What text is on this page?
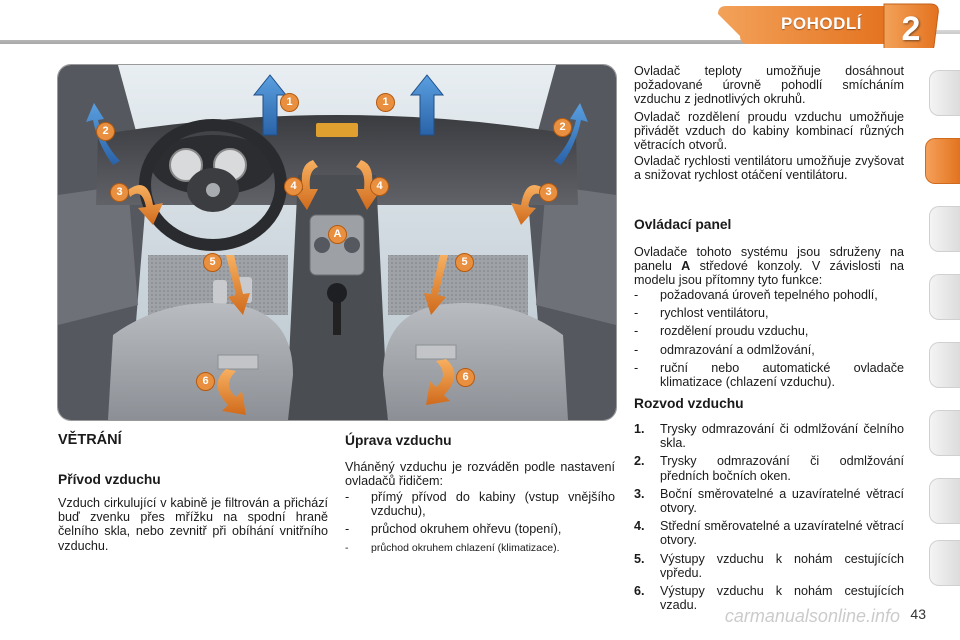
POHODLÍ	2
1	1
2	2
3	3
4	4
A
5	5
6	6
VĚTRÁNÍ
Přívod vzduchu
Vzduch cirkulující v kabině je filtrován a přichází buď zvenku přes mřížku na spodní hraně čelního skla, nebo zevnitř při obíhání vnitřního vzduchu.
Úprava vzduchu
Vháněný vzduchu je rozváděn podle nastavení ovladačů řidičem:
- přímý přívod do kabiny (vstup vnějšího vzduchu),
- průchod okruhem ohřevu (topení),
- průchod okruhem chlazení (klimatizace).
Ovladač teploty umožňuje dosáhnout požadované úrovně pohodlí smícháním vzduchu z jednotlivých okruhů.
Ovladač rozdělení proudu vzduchu umožňuje přivádět vzduch do kabiny kombinací různých větracích otvorů.
Ovladač rychlosti ventilátoru umožňuje zvyšovat a snižovat rychlost otáčení ventilátoru.
Ovládací panel
Ovladače tohoto systému jsou sdruženy na panelu A středové konzoly. V závislosti na modelu jsou přítomny tyto funkce:
- požadovaná úroveň tepelného pohodlí,
- rychlost ventilátoru,
- rozdělení proudu vzduchu,
- odmrazování a odmlžování,
- ruční nebo automatické ovladače klimatizace (chlazení vzduchu).
Rozvod vzduchu
1. Trysky odmrazování či odmlžování čelního skla.
2. Trysky odmrazování či odmlžování předních bočních oken.
3. Boční směrovatelné a uzavíratelné větrací otvory.
4. Střední směrovatelné a uzavíratelné větrací otvory.
5. Výstupy vzduchu k nohám cestujících vpředu.
6. Výstupy vzduchu k nohám cestujících vzadu.
43
carmanualsonline.info
